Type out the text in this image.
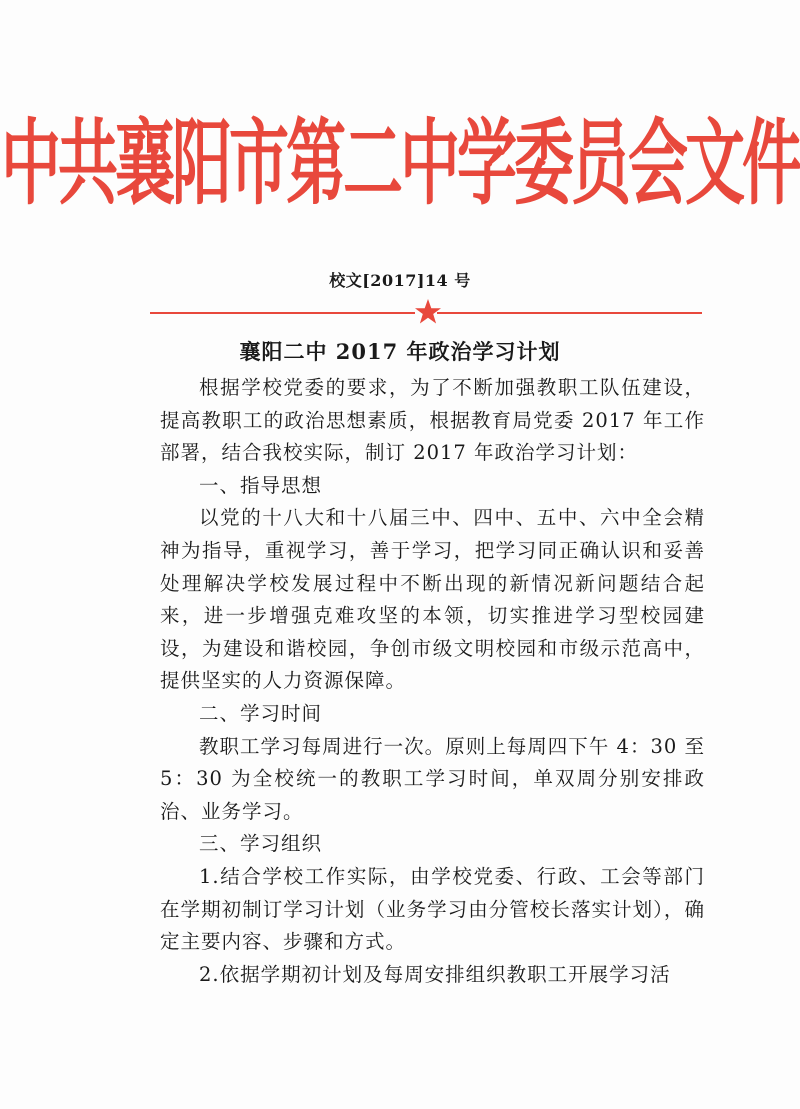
中共襄阳市第二中学委员会文件
校文[2017]14 号
襄阳二中 2017 年政治学习计划

根据学校党委的要求，为了不断加强教职工队伍建设，提高教职工的政治思想素质，根据教育局党委 2017 年工作部署，结合我校实际，制订 2017 年政治学习计划：

一、指导思想

以党的十八大和十八届三中、四中、五中、六中全会精神为指导，重视学习，善于学习，把学习同正确认识和妥善处理解决学校发展过程中不断出现的新情况新问题结合起来，进一步增强克难攻坚的本领，切实推进学习型校园建设，为建设和谐校园，争创市级文明校园和市级示范高中，提供坚实的人力资源保障。

二、学习时间

教职工学习每周进行一次。原则上每周四下午 4：30 至 5：30 为全校统一的教职工学习时间，单双周分别安排政治、业务学习。

三、学习组织

1.结合学校工作实际，由学校党委、行政、工会等部门在学期初制订学习计划（业务学习由分管校长落实计划），确定主要内容、步骤和方式。

2.依据学期初计划及每周安排组织教职工开展学习活
